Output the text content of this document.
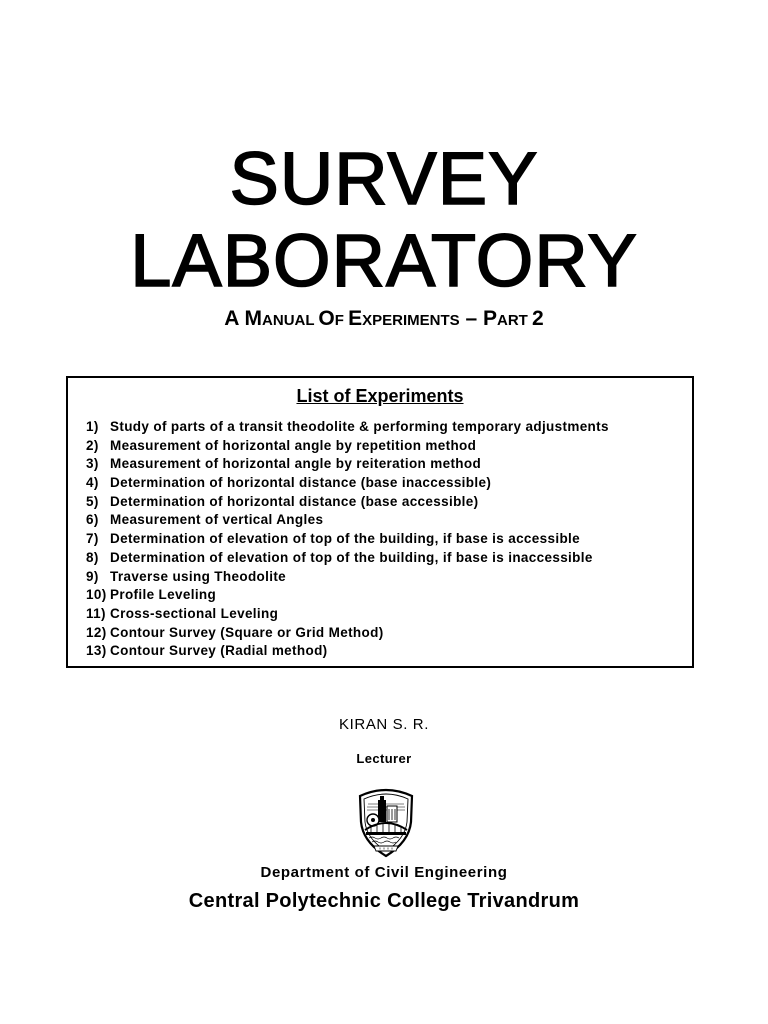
SURVEY
LABORATORY
A MANUAL OF EXPERIMENTS – PART 2
List of Experiments
1) Study of parts of a transit theodolite & performing temporary adjustments
2) Measurement of horizontal angle by repetition method
3) Measurement of horizontal angle by reiteration method
4) Determination of horizontal distance (base inaccessible)
5) Determination of horizontal distance (base accessible)
6) Measurement of vertical Angles
7) Determination of elevation of top of the building, if base is accessible
8) Determination of elevation of top of the building, if base is inaccessible
9) Traverse using Theodolite
10) Profile Leveling
11) Cross-sectional Leveling
12) Contour Survey (Square or Grid Method)
13) Contour Survey (Radial method)
KIRAN S. R.
Lecturer
Department of Civil Engineering
Central Polytechnic College Trivandrum
